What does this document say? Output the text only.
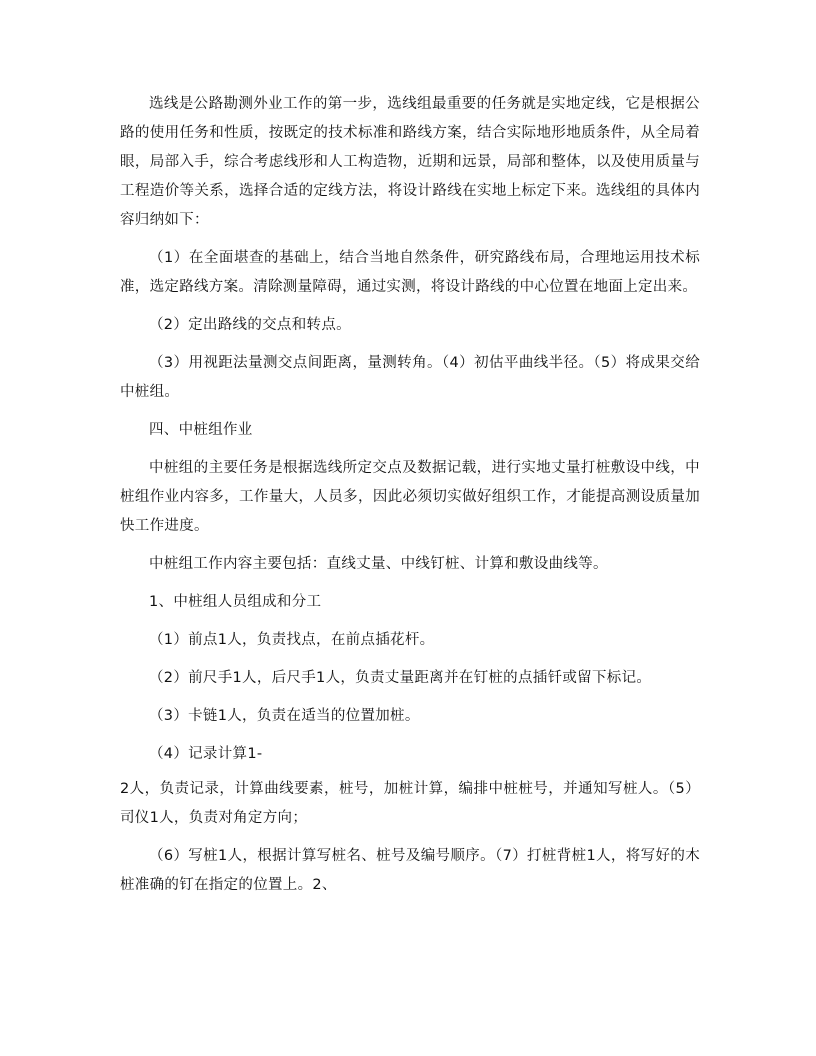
选线是公路勘测外业工作的第一步，选线组最重要的任务就是实地定线，它是根据公路的使用任务和性质，按既定的技术标准和路线方案，结合实际地形地质条件，从全局着眼，局部入手，综合考虑线形和人工构造物，近期和远景，局部和整体，以及使用质量与工程造价等关系，选择合适的定线方法，将设计路线在实地上标定下来。选线组的具体内容归纳如下：

（1）在全面堪查的基础上，结合当地自然条件，研究路线布局，合理地运用技术标准，选定路线方案。清除测量障碍，通过实测，将设计路线的中心位置在地面上定出来。

（2）定出路线的交点和转点。

（3）用视距法量测交点间距离，量测转角。（4）初估平曲线半径。（5）将成果交给中桩组。

四、中桩组作业

中桩组的主要任务是根据选线所定交点及数据记载，进行实地丈量打桩敷设中线，中桩组作业内容多，工作量大，人员多，因此必须切实做好组织工作，才能提高测设质量加快工作进度。

中桩组工作内容主要包括：直线丈量、中线钉桩、计算和敷设曲线等。

1、中桩组人员组成和分工

（1）前点1人，负责找点，在前点插花杆。

（2）前尺手1人，后尺手1人，负责丈量距离并在钉桩的点插钎或留下标记。

（3）卡链1人，负责在适当的位置加桩。

（4）记录计算1-

2人，负责记录，计算曲线要素，桩号，加桩计算，编排中桩桩号，并通知写桩人。（5）司仪1人，负责对角定方向；

（6）写桩1人，根据计算写桩名、桩号及编号顺序。（7）打桩背桩1人，将写好的木桩准确的钉在指定的位置上。2、
